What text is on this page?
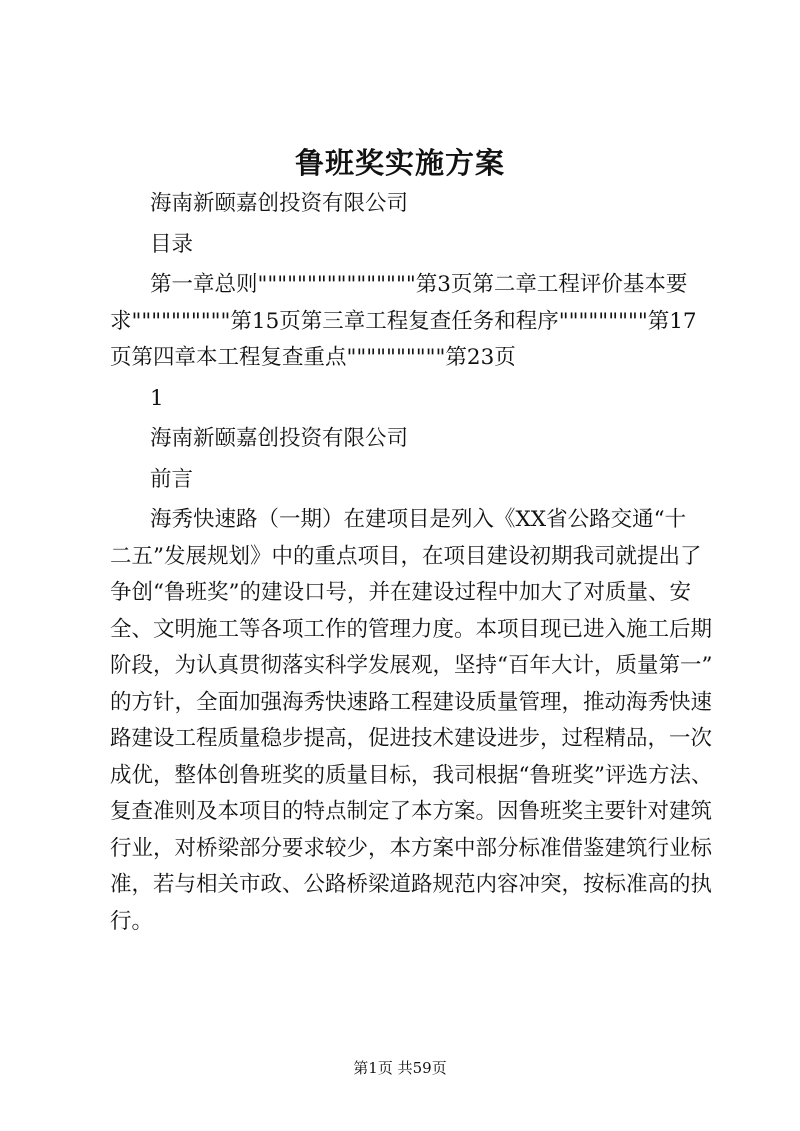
鲁班奖实施方案
海南新颐嘉创投资有限公司
目录
第一章总则""""""""""""""""第3页第二章工程评价基本要
求""""""""""第15页第三章工程复查任务和程序"""""""""第17
页第四章本工程复查重点""""""""""第23页
1
海南新颐嘉创投资有限公司
前言
海秀快速路（一期）在建项目是列入《XX省公路交通“十
二五”发展规划》中的重点项目，在项目建设初期我司就提出了
争创“鲁班奖”的建设口号，并在建设过程中加大了对质量、安
全、文明施工等各项工作的管理力度。本项目现已进入施工后期
阶段，为认真贯彻落实科学发展观，坚持“百年大计，质量第一”
的方针，全面加强海秀快速路工程建设质量管理，推动海秀快速
路建设工程质量稳步提高，促进技术建设进步，过程精品，一次
成优，整体创鲁班奖的质量目标，我司根据“鲁班奖”评选方法、
复查准则及本项目的特点制定了本方案。因鲁班奖主要针对建筑
行业，对桥梁部分要求较少，本方案中部分标准借鉴建筑行业标
准，若与相关市政、公路桥梁道路规范内容冲突，按标准高的执
行。
第1页 共59页
